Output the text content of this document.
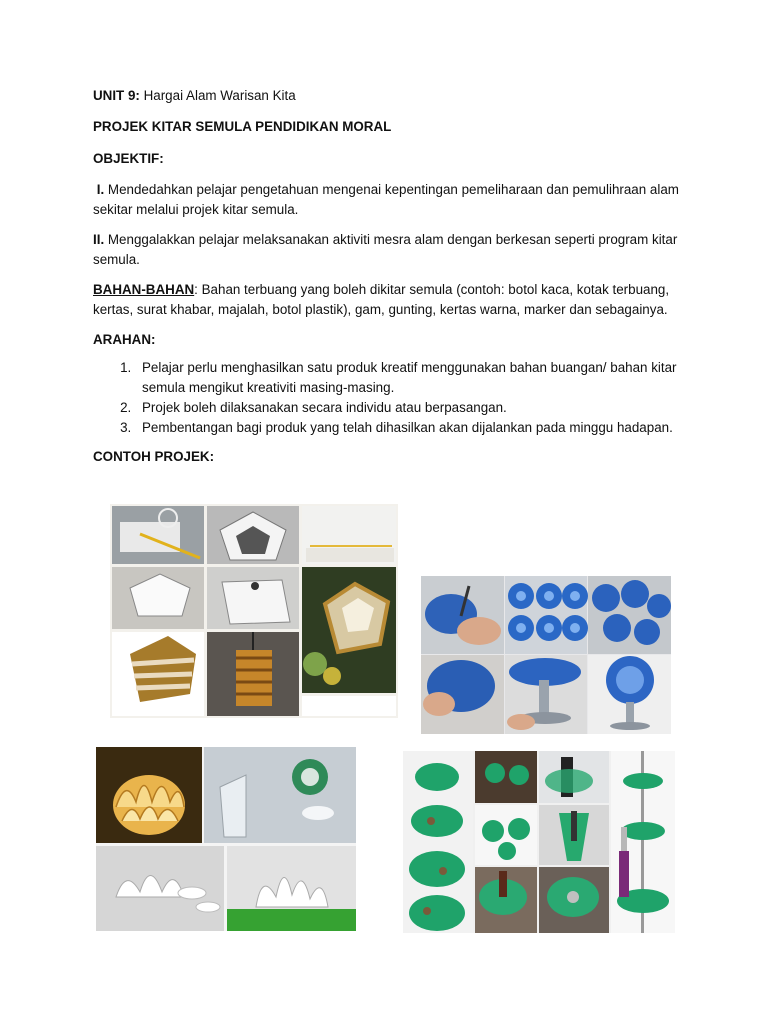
UNIT 9: Hargai Alam Warisan Kita

PROJEK KITAR SEMULA PENDIDIKAN MORAL

OBJEKTIF:

I. Mendedahkan pelajar pengetahuan mengenai kepentingan pemeliharaan dan pemulihraan alam sekitar melalui projek kitar semula.

II. Menggalakkan pelajar melaksanakan aktiviti mesra alam dengan berkesan seperti program kitar semula.

BAHAN-BAHAN: Bahan terbuang yang boleh dikitar semula (contoh: botol kaca, kotak terbuang, kertas, surat khabar, majalah, botol plastik), gam, gunting, kertas warna, marker dan sebagainya.

ARAHAN:

1. Pelajar perlu menghasilkan satu produk kreatif menggunakan bahan buangan/ bahan kitar semula mengikut kreativiti masing-masing.
2. Projek boleh dilaksanakan secara individu atau berpasangan.
3. Pembentangan bagi produk yang telah dihasilkan akan dijalankan pada minggu hadapan.

CONTOH PROJEK:
